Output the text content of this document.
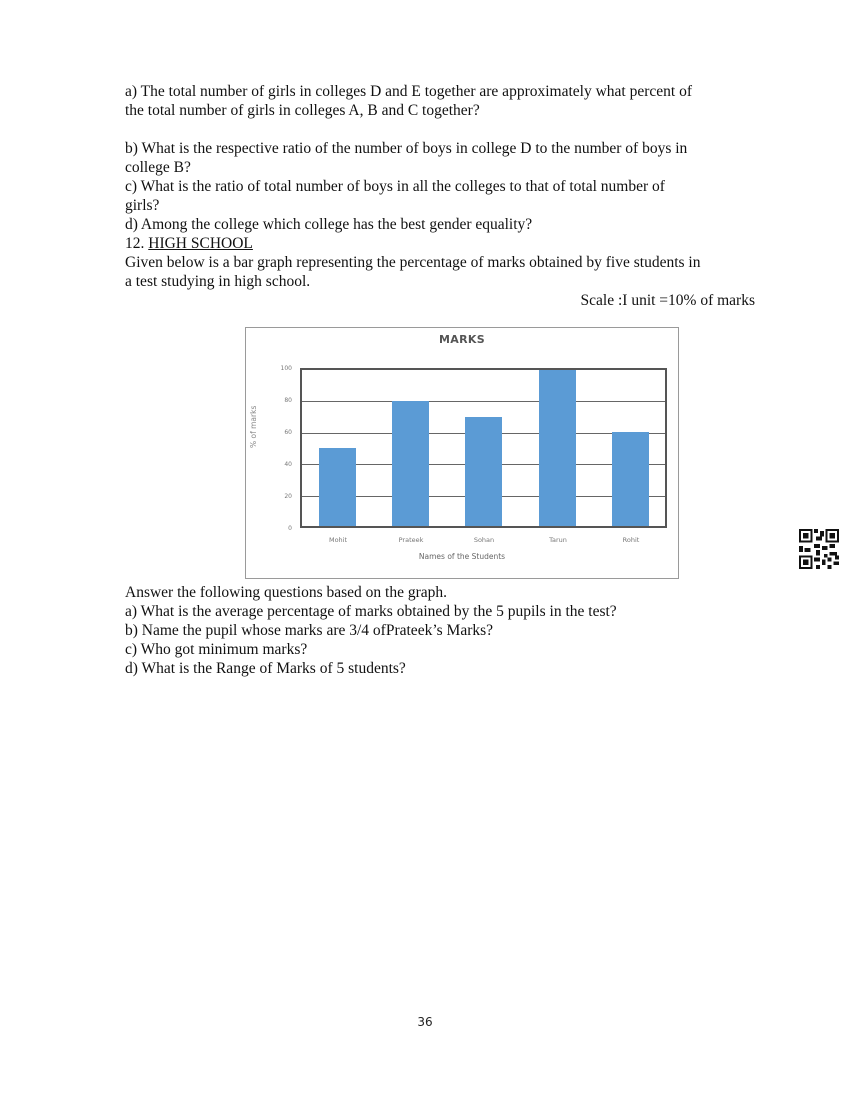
a) The total number of girls in colleges D and E together are approximately what percent of
the total number of girls in colleges A, B and C together?
b) What is the respective ratio of the number of boys in college D to the number of boys in
college B?
c) What is the ratio of total number of boys in all the colleges to that of total number of
girls?
d) Among the college which college has the best gender equality?
12. HIGH SCHOOL
Given below is a bar graph representing the percentage of marks obtained by five students in
a test studying in high school.
Scale :I unit =10% of marks
MARKS
% of marks
100
80
60
40
20
0
Mohit	Prateek	Sohan	Tarun	Rohit
Names of the Students
Answer the following questions based on the graph.
a) What is the average percentage of marks obtained by the 5 pupils in the test?
b) Name the pupil whose marks are 3/4 ofPrateek’s Marks?
c) Who got minimum marks?
d) What is the Range of Marks of 5 students?
36
